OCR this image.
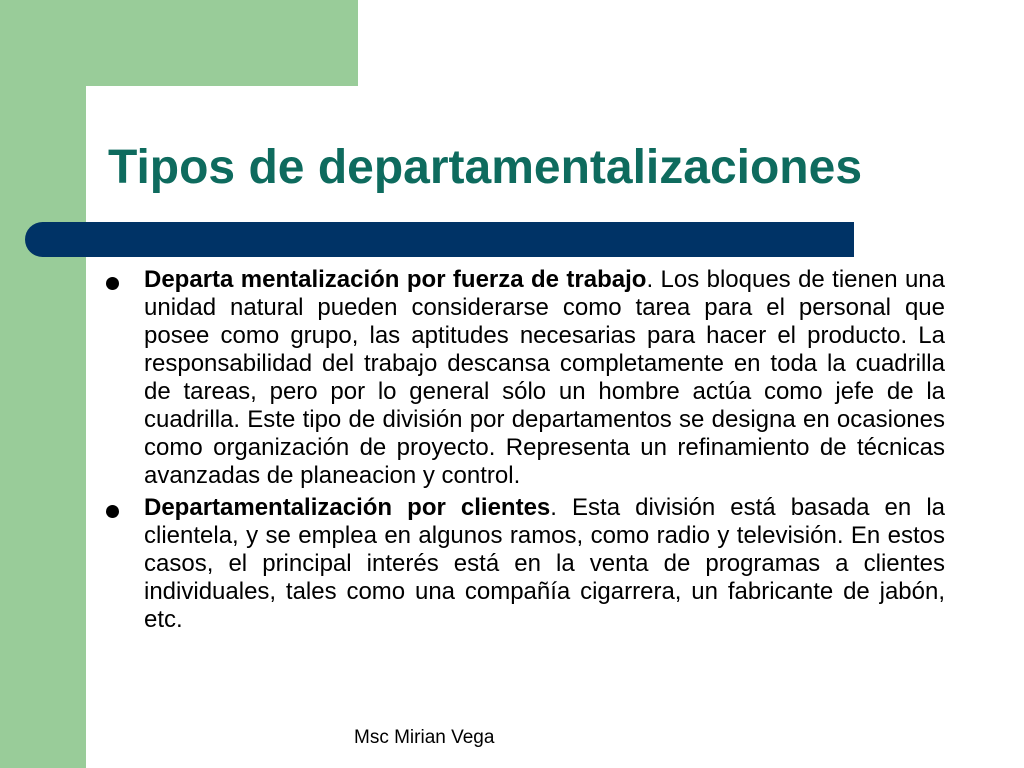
Tipos de departamentalizaciones
Departa mentalización por fuerza de trabajo. Los bloques de tienen una unidad natural pueden considerarse como tarea para el personal que posee como grupo, las aptitudes necesarias para hacer el producto. La responsabilidad del trabajo descansa completamente en toda la cuadrilla de tareas, pero por lo general sólo un hombre actúa como jefe de la cuadrilla. Este tipo de división por departamentos se designa en ocasiones como organización de proyecto. Representa un refinamiento de técnicas avanzadas de planeacion y control.
Departamentalización por clientes. Esta división está basada en la clientela, y se emplea en algunos ramos, como radio y televisión. En estos casos, el principal interés está en la venta de programas a clientes individuales, tales como una compañía cigarrera, un fabricante de jabón, etc.
Msc Mirian Vega
